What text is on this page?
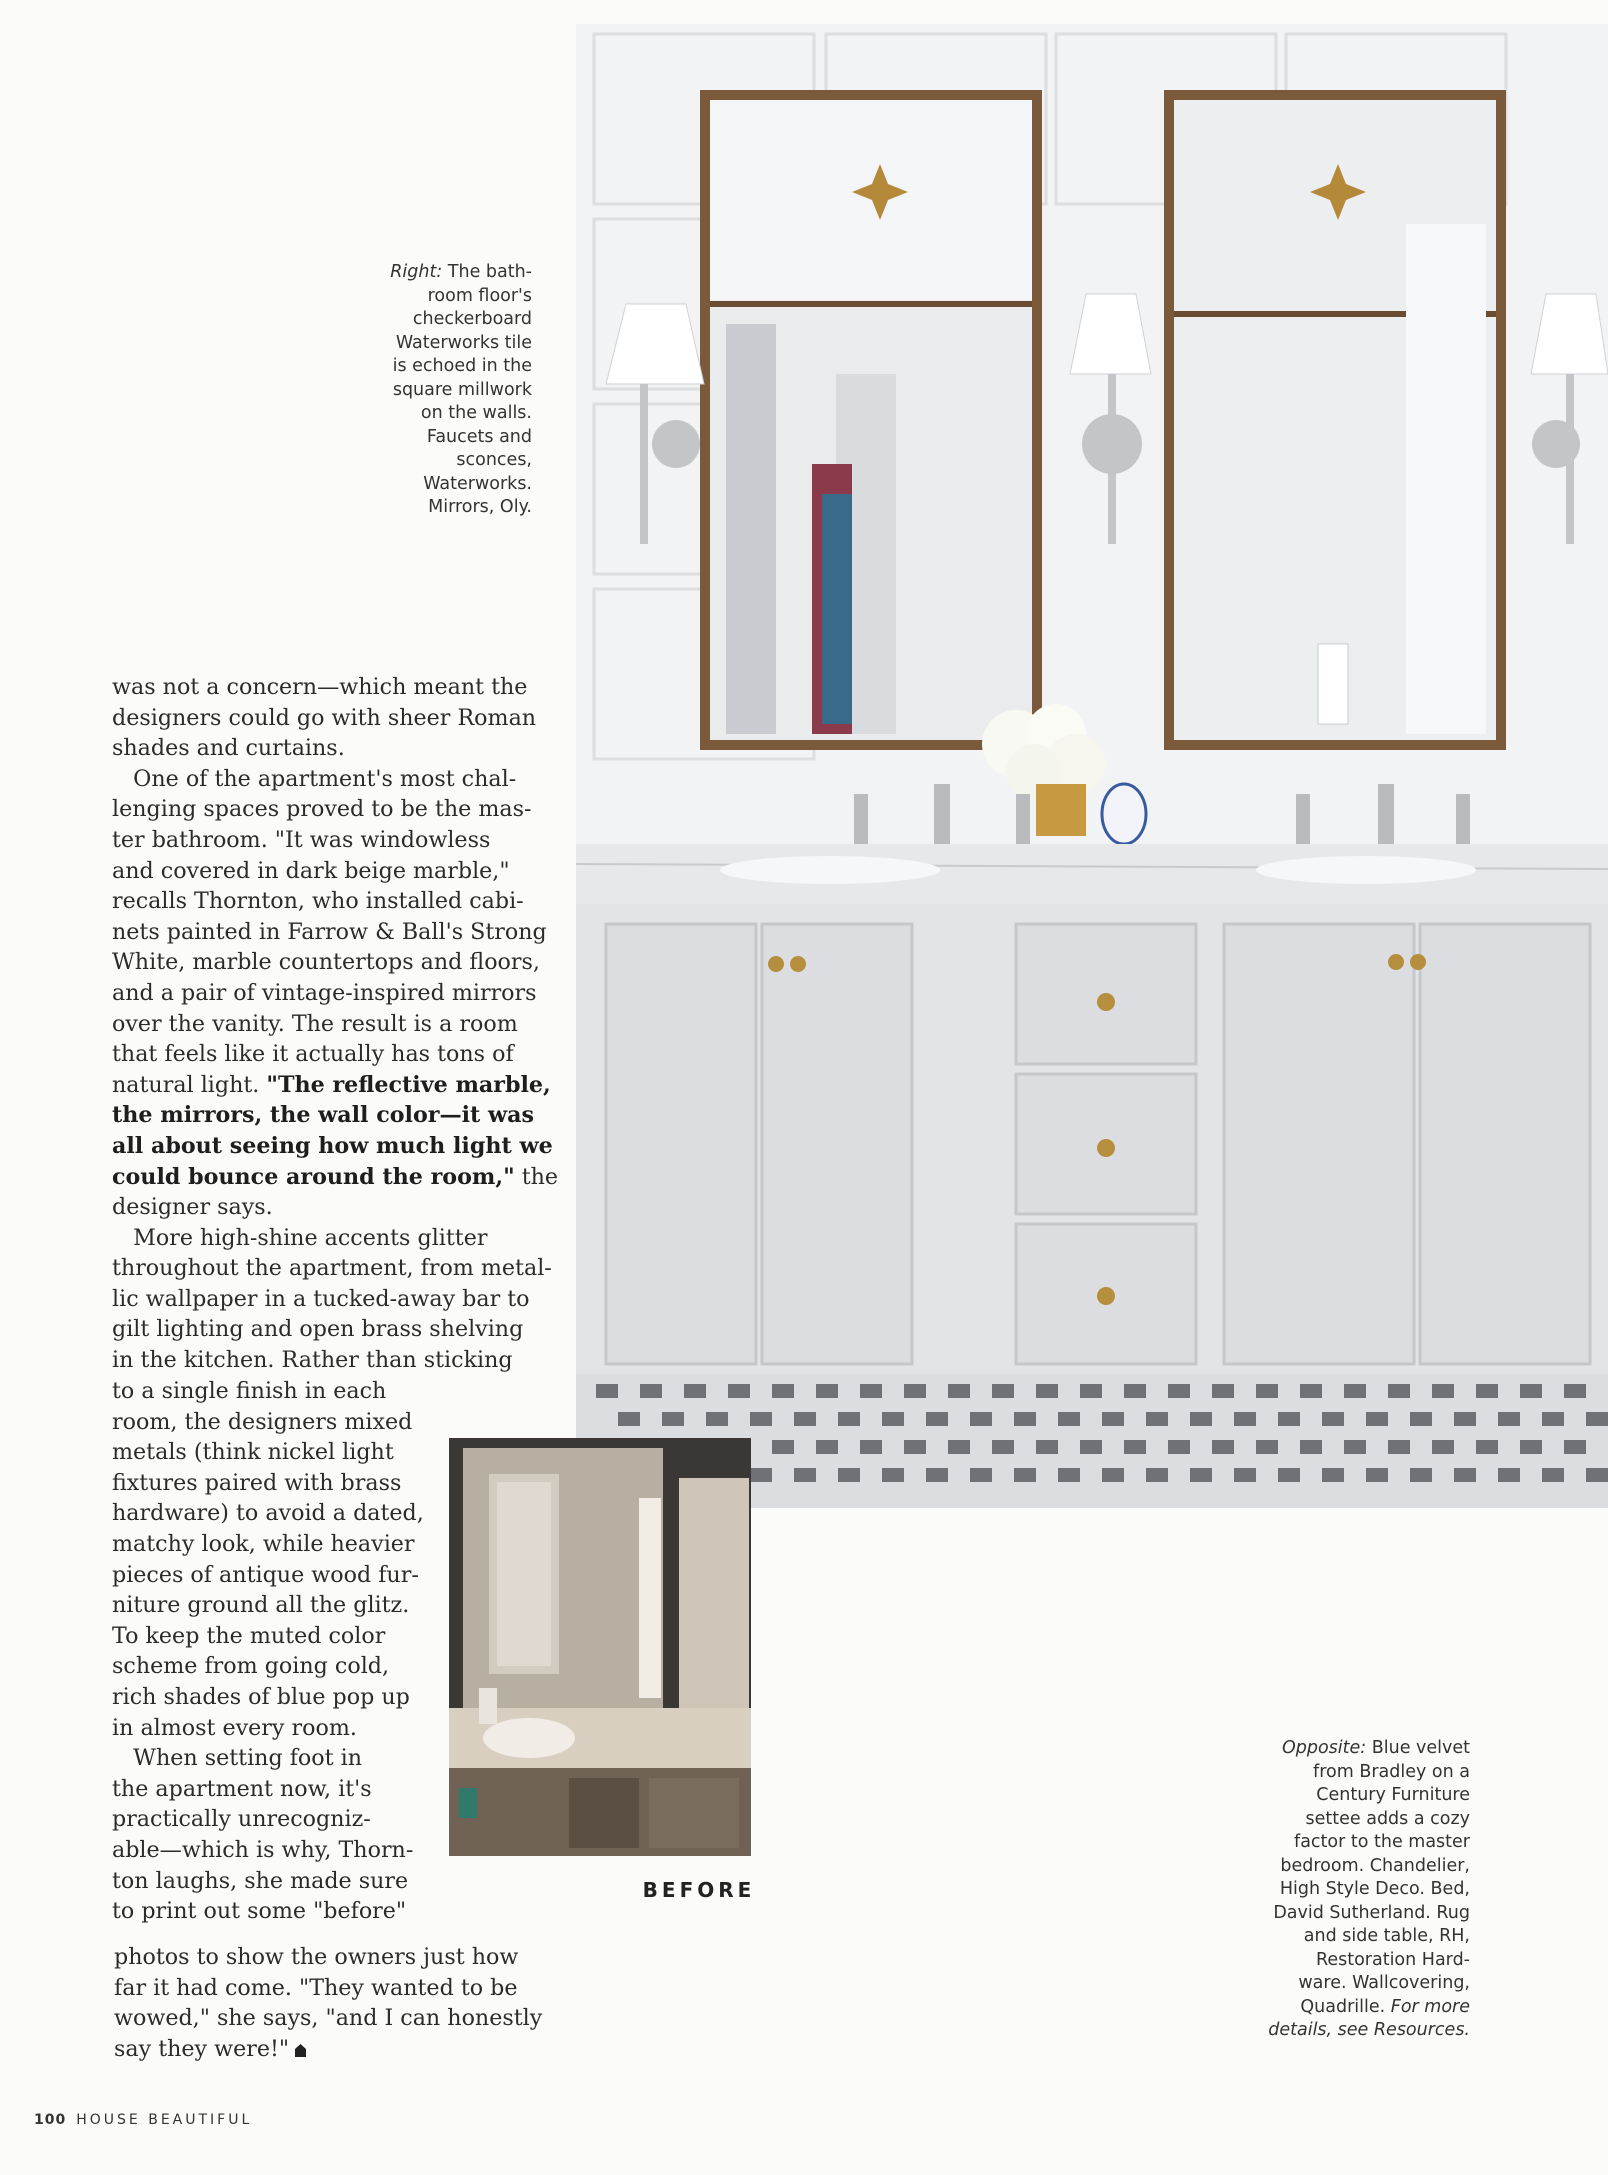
Right: The bath-
room floor's
checkerboard
Waterworks tile
is echoed in the
square millwork
on the walls.
Faucets and
sconces,
Waterworks.
Mirrors, Oly.

was not a concern—which meant the
designers could go with sheer Roman
shades and curtains.
One of the apartment's most chal-
lenging spaces proved to be the mas-
ter bathroom. "It was windowless
and covered in dark beige marble,"
recalls Thornton, who installed cabi-
nets painted in Farrow & Ball's Strong
White, marble countertops and floors,
and a pair of vintage-inspired mirrors
over the vanity. The result is a room
that feels like it actually has tons of
natural light. "The reflective marble,
the mirrors, the wall color—it was
all about seeing how much light we
could bounce around the room," the
designer says.
More high-shine accents glitter
throughout the apartment, from metal-
lic wallpaper in a tucked-away bar to
gilt lighting and open brass shelving
in the kitchen. Rather than sticking

to a single finish in each
room, the designers mixed
metals (think nickel light
fixtures paired with brass
hardware) to avoid a dated,
matchy look, while heavier
pieces of antique wood fur-
niture ground all the glitz.
To keep the muted color
scheme from going cold,
rich shades of blue pop up
in almost every room.
When setting foot in
the apartment now, it's
practically unrecogniz-
able—which is why, Thorn-
ton laughs, she made sure
to print out some "before"

photos to show the owners just how
far it had come. "They wanted to be
wowed," she says, "and I can honestly
say they were!"

BEFORE

Opposite: Blue velvet
from Bradley on a
Century Furniture
settee adds a cozy
factor to the master
bedroom. Chandelier,
High Style Deco. Bed,
David Sutherland. Rug
and side table, RH,
Restoration Hard-
ware. Wallcovering,
Quadrille. For more
details, see Resources.

100 HOUSE BEAUTIFUL
